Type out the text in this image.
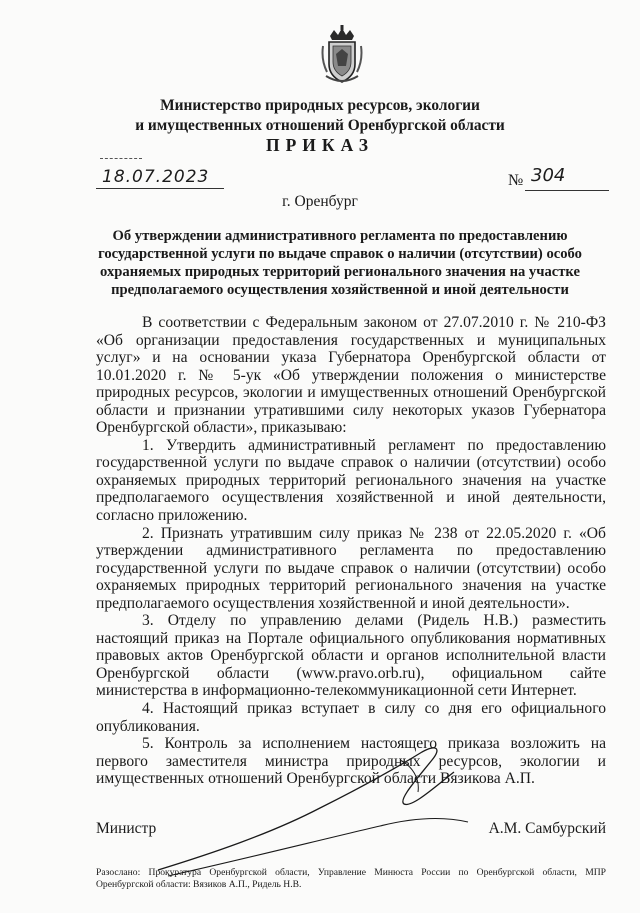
Министерство природных ресурсов, экологии
и имущественных отношений Оренбургской области
ПРИКАЗ
18.07.2023	№ 304
г. Оренбург
Об утверждении административного регламента по предоставлению государственной услуги по выдаче справок о наличии (отсутствии) особо охраняемых природных территорий регионального значения на участке предполагаемого осуществления хозяйственной и иной деятельности

В соответствии с Федеральным законом от 27.07.2010 г. № 210-ФЗ «Об организации предоставления государственных и муниципальных услуг» и на основании указа Губернатора Оренбургской области от 10.01.2020 г. № 5-ук «Об утверждении положения о министерстве природных ресурсов, экологии и имущественных отношений Оренбургской области и признании утратившими силу некоторых указов Губернатора Оренбургской области», приказываю:

1. Утвердить административный регламент по предоставлению государственной услуги по выдаче справок о наличии (отсутствии) особо охраняемых природных территорий регионального значения на участке предполагаемого осуществления хозяйственной и иной деятельности, согласно приложению.

2. Признать утратившим силу приказ № 238 от 22.05.2020 г. «Об утверждении административного регламента по предоставлению государственной услуги по выдаче справок о наличии (отсутствии) особо охраняемых природных территорий регионального значения на участке предполагаемого осуществления хозяйственной и иной деятельности».

3. Отделу по управлению делами (Ридель Н.В.) разместить настоящий приказ на Портале официального опубликования нормативных правовых актов Оренбургской области и органов исполнительной власти Оренбургской области (www.pravo.orb.ru), официальном сайте министерства в информационно-телекоммуникационной сети Интернет.

4. Настоящий приказ вступает в силу со дня его официального опубликования.

5. Контроль за исполнением настоящего приказа возложить на первого заместителя министра природных ресурсов, экологии и имущественных отношений Оренбургской области Вязикова А.П.

Министр	А.М. Самбурский
Разослано: Прокуратура Оренбургской области, Управление Минюста России по Оренбургской области, МПР Оренбургской области: Вязиков А.П., Ридель Н.В.
